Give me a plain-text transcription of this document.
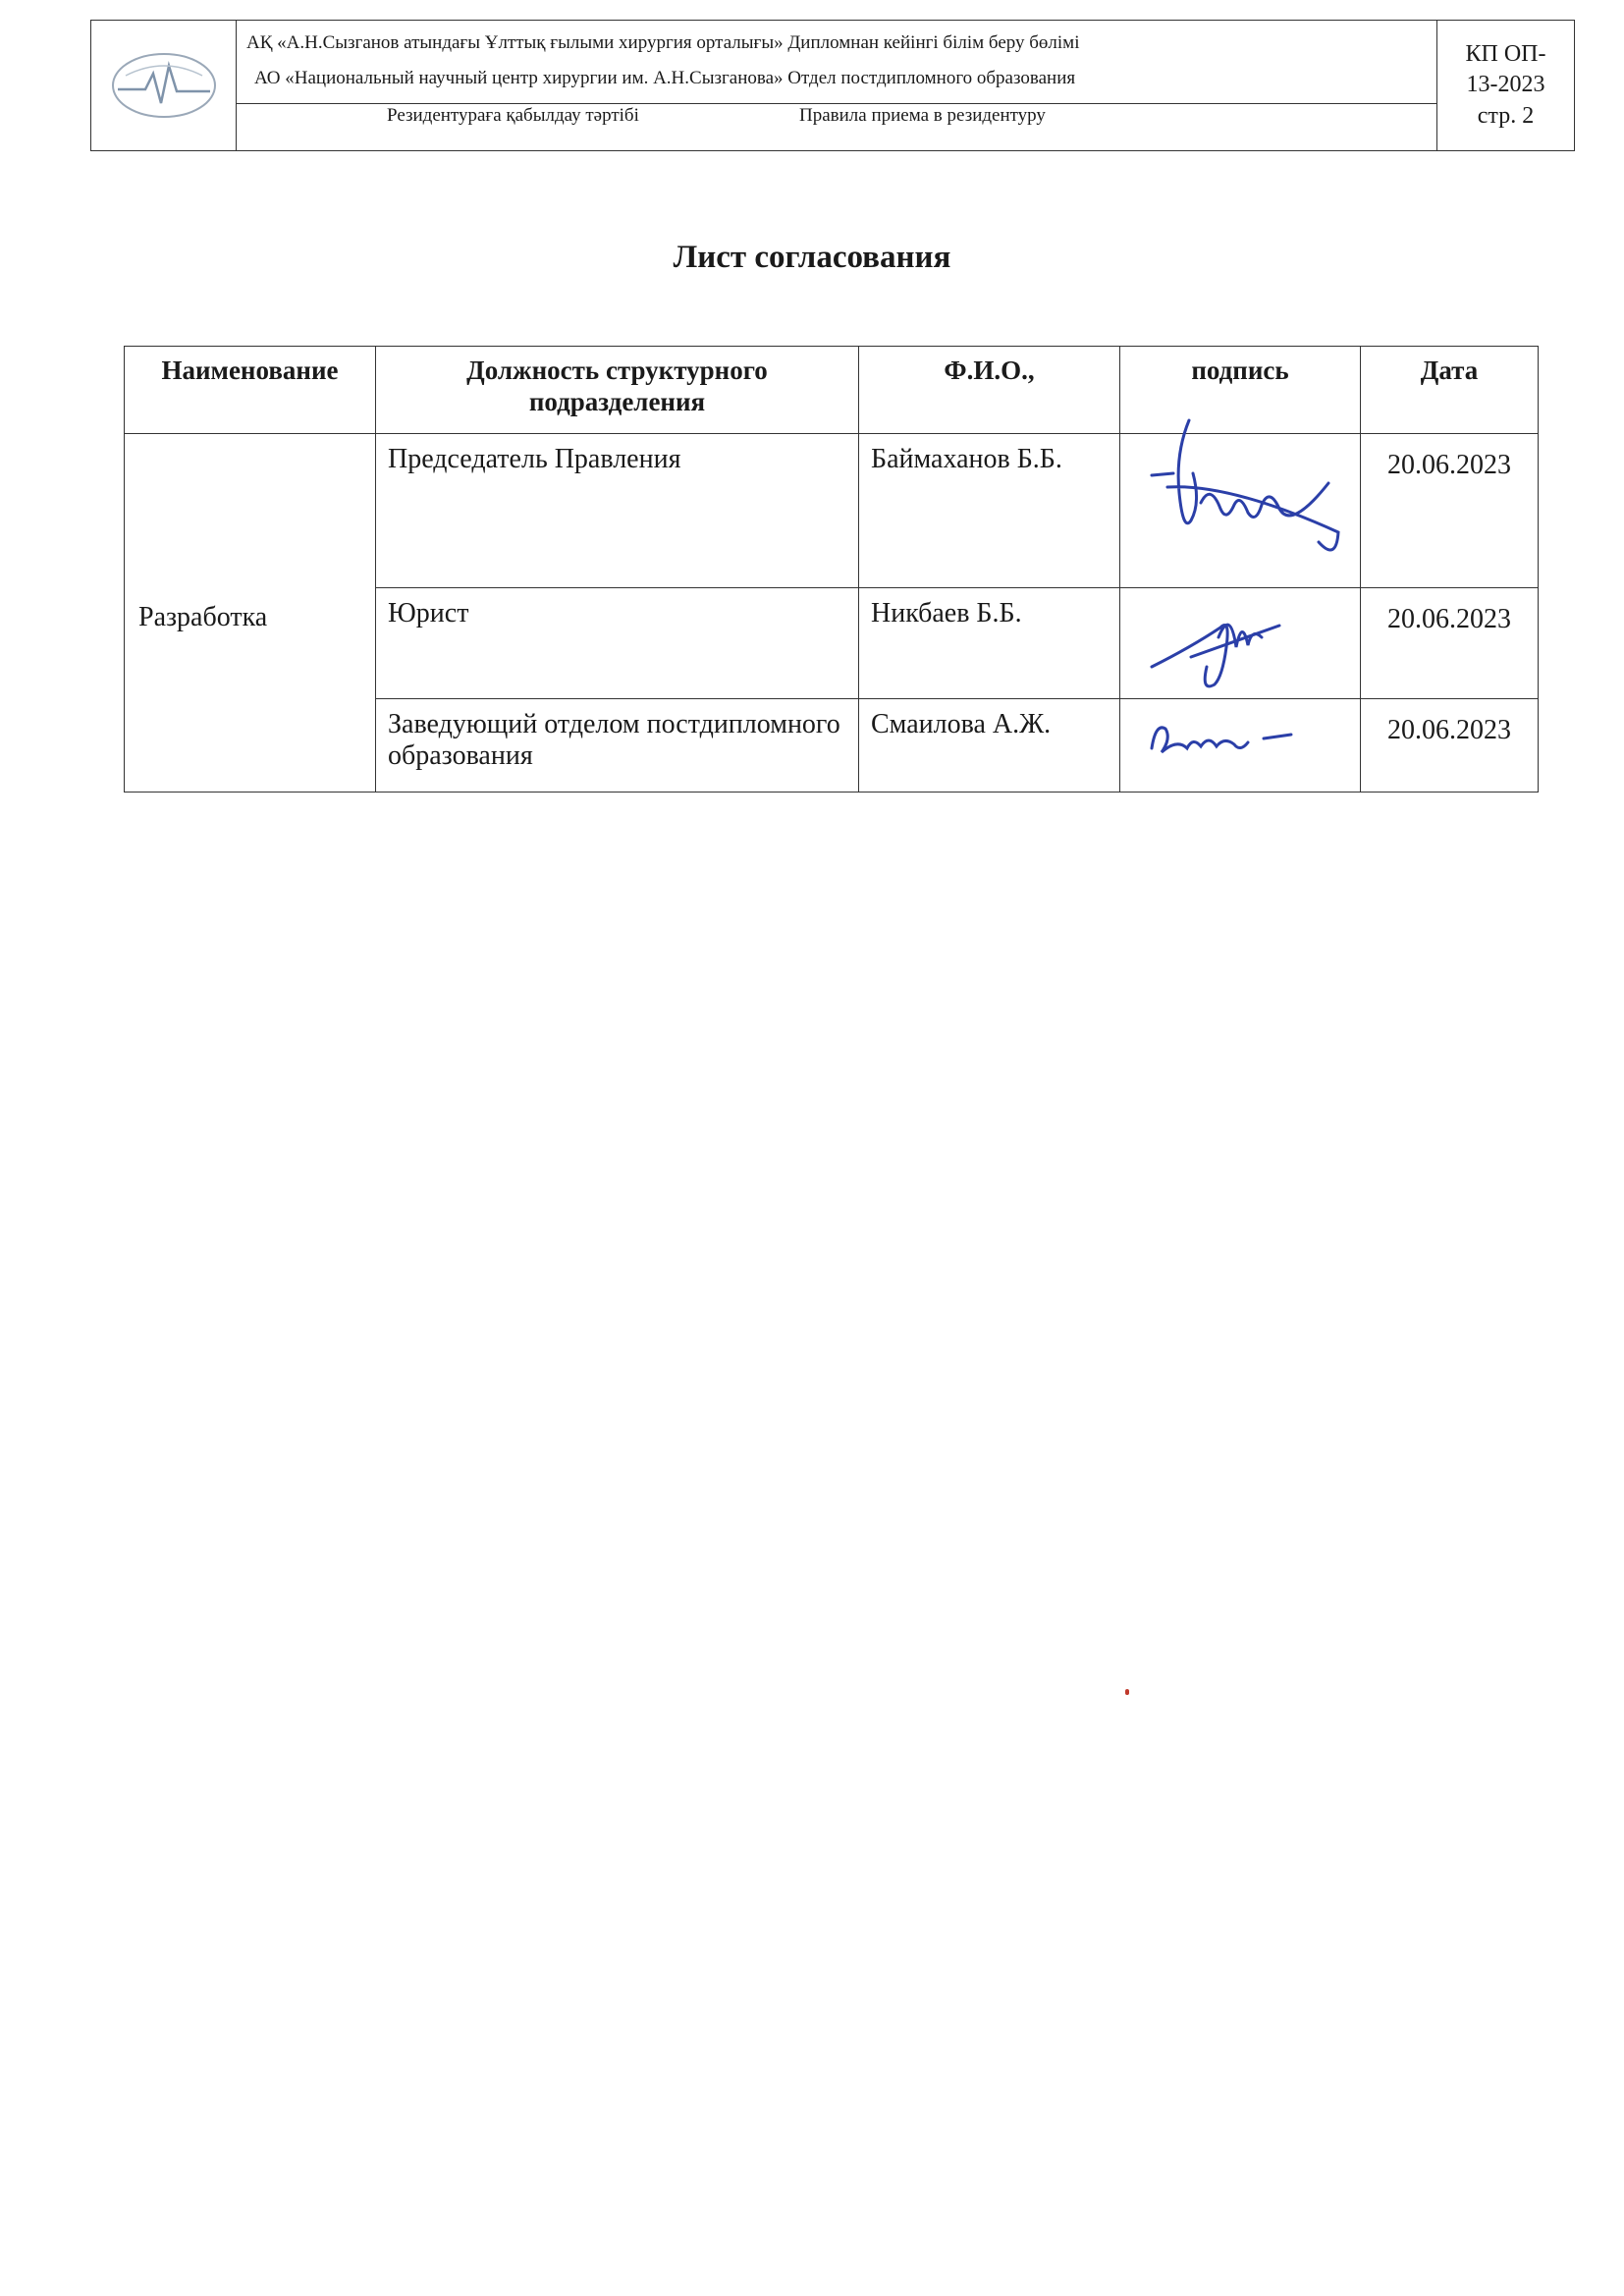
АҚ «А.Н.Сызганов атындағы Ұлттық ғылыми хирургия орталығы» Дипломнан кейінгі білім беру бөлімі
АО «Национальный научный центр хирургии им. А.Н.Сызганова» Отдел постдипломного образования
Резидентураға қабылдау тәртібі	Правила приема в резидентуру
КП ОП-
13-2023
стр. 2
Лист согласования
Наименование	Должность структурного подразделения	Ф.И.О.,	подпись	Дата
Разработка	Председатель Правления	Баймаханов Б.Б.		20.06.2023
	Юрист	Никбаев Б.Б.		20.06.2023
	Заведующий отделом постдипломного образования	Смаилова А.Ж.		20.06.2023
